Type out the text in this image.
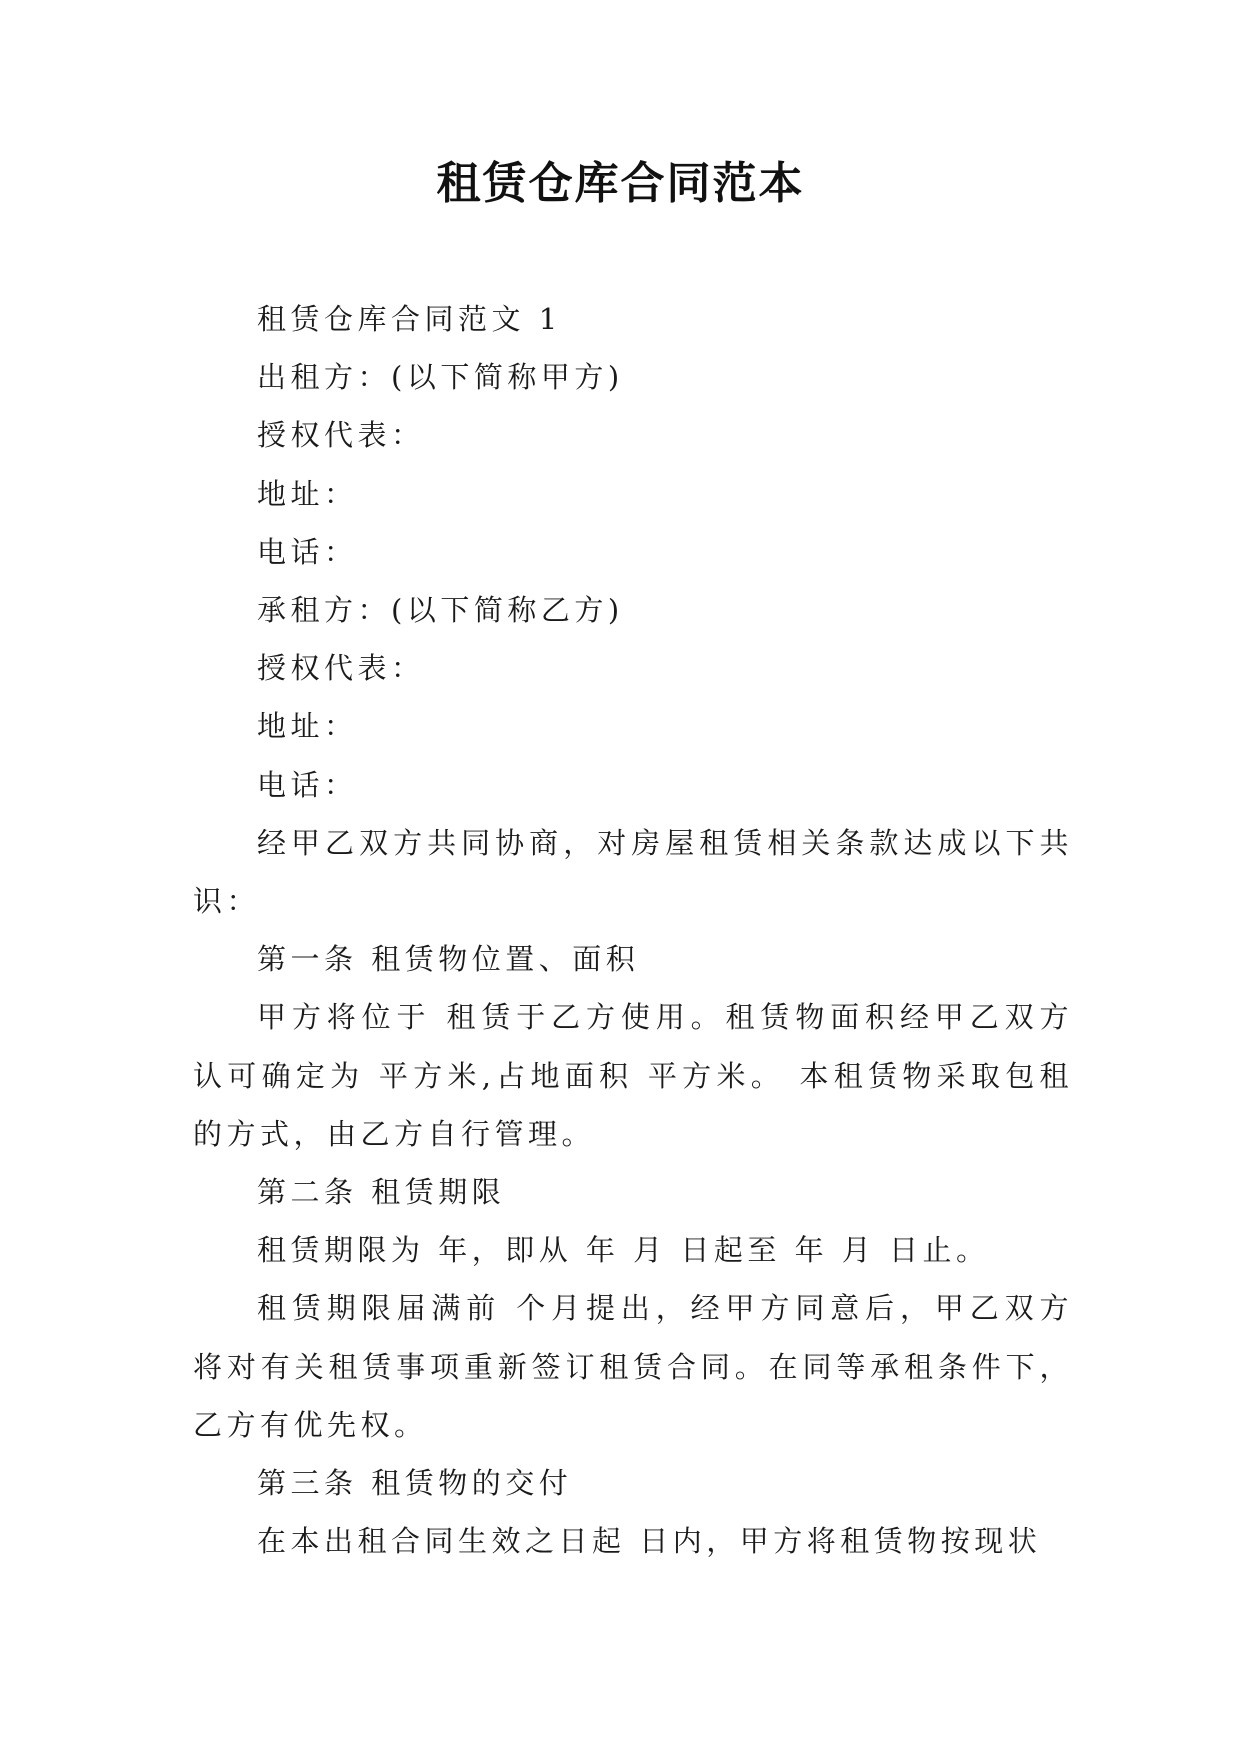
租赁仓库合同范本

租赁仓库合同范文 1

出租方：(以下简称甲方)

授权代表：

地址：

电话：

承租方：(以下简称乙方)

授权代表：

地址：

电话：

经甲乙双方共同协商，对房屋租赁相关条款达成以下共识：

第一条 租赁物位置、面积

甲方将位于 租赁于乙方使用。租赁物面积经甲乙双方认可确定为 平方米,占地面积 平方米。 本租赁物采取包租的方式，由乙方自行管理。

第二条 租赁期限

租赁期限为 年，即从 年 月 日起至 年 月 日止。

租赁期限届满前 个月提出，经甲方同意后，甲乙双方将对有关租赁事项重新签订租赁合同。在同等承租条件下，乙方有优先权。

第三条 租赁物的交付

在本出租合同生效之日起 日内，甲方将租赁物按现状
